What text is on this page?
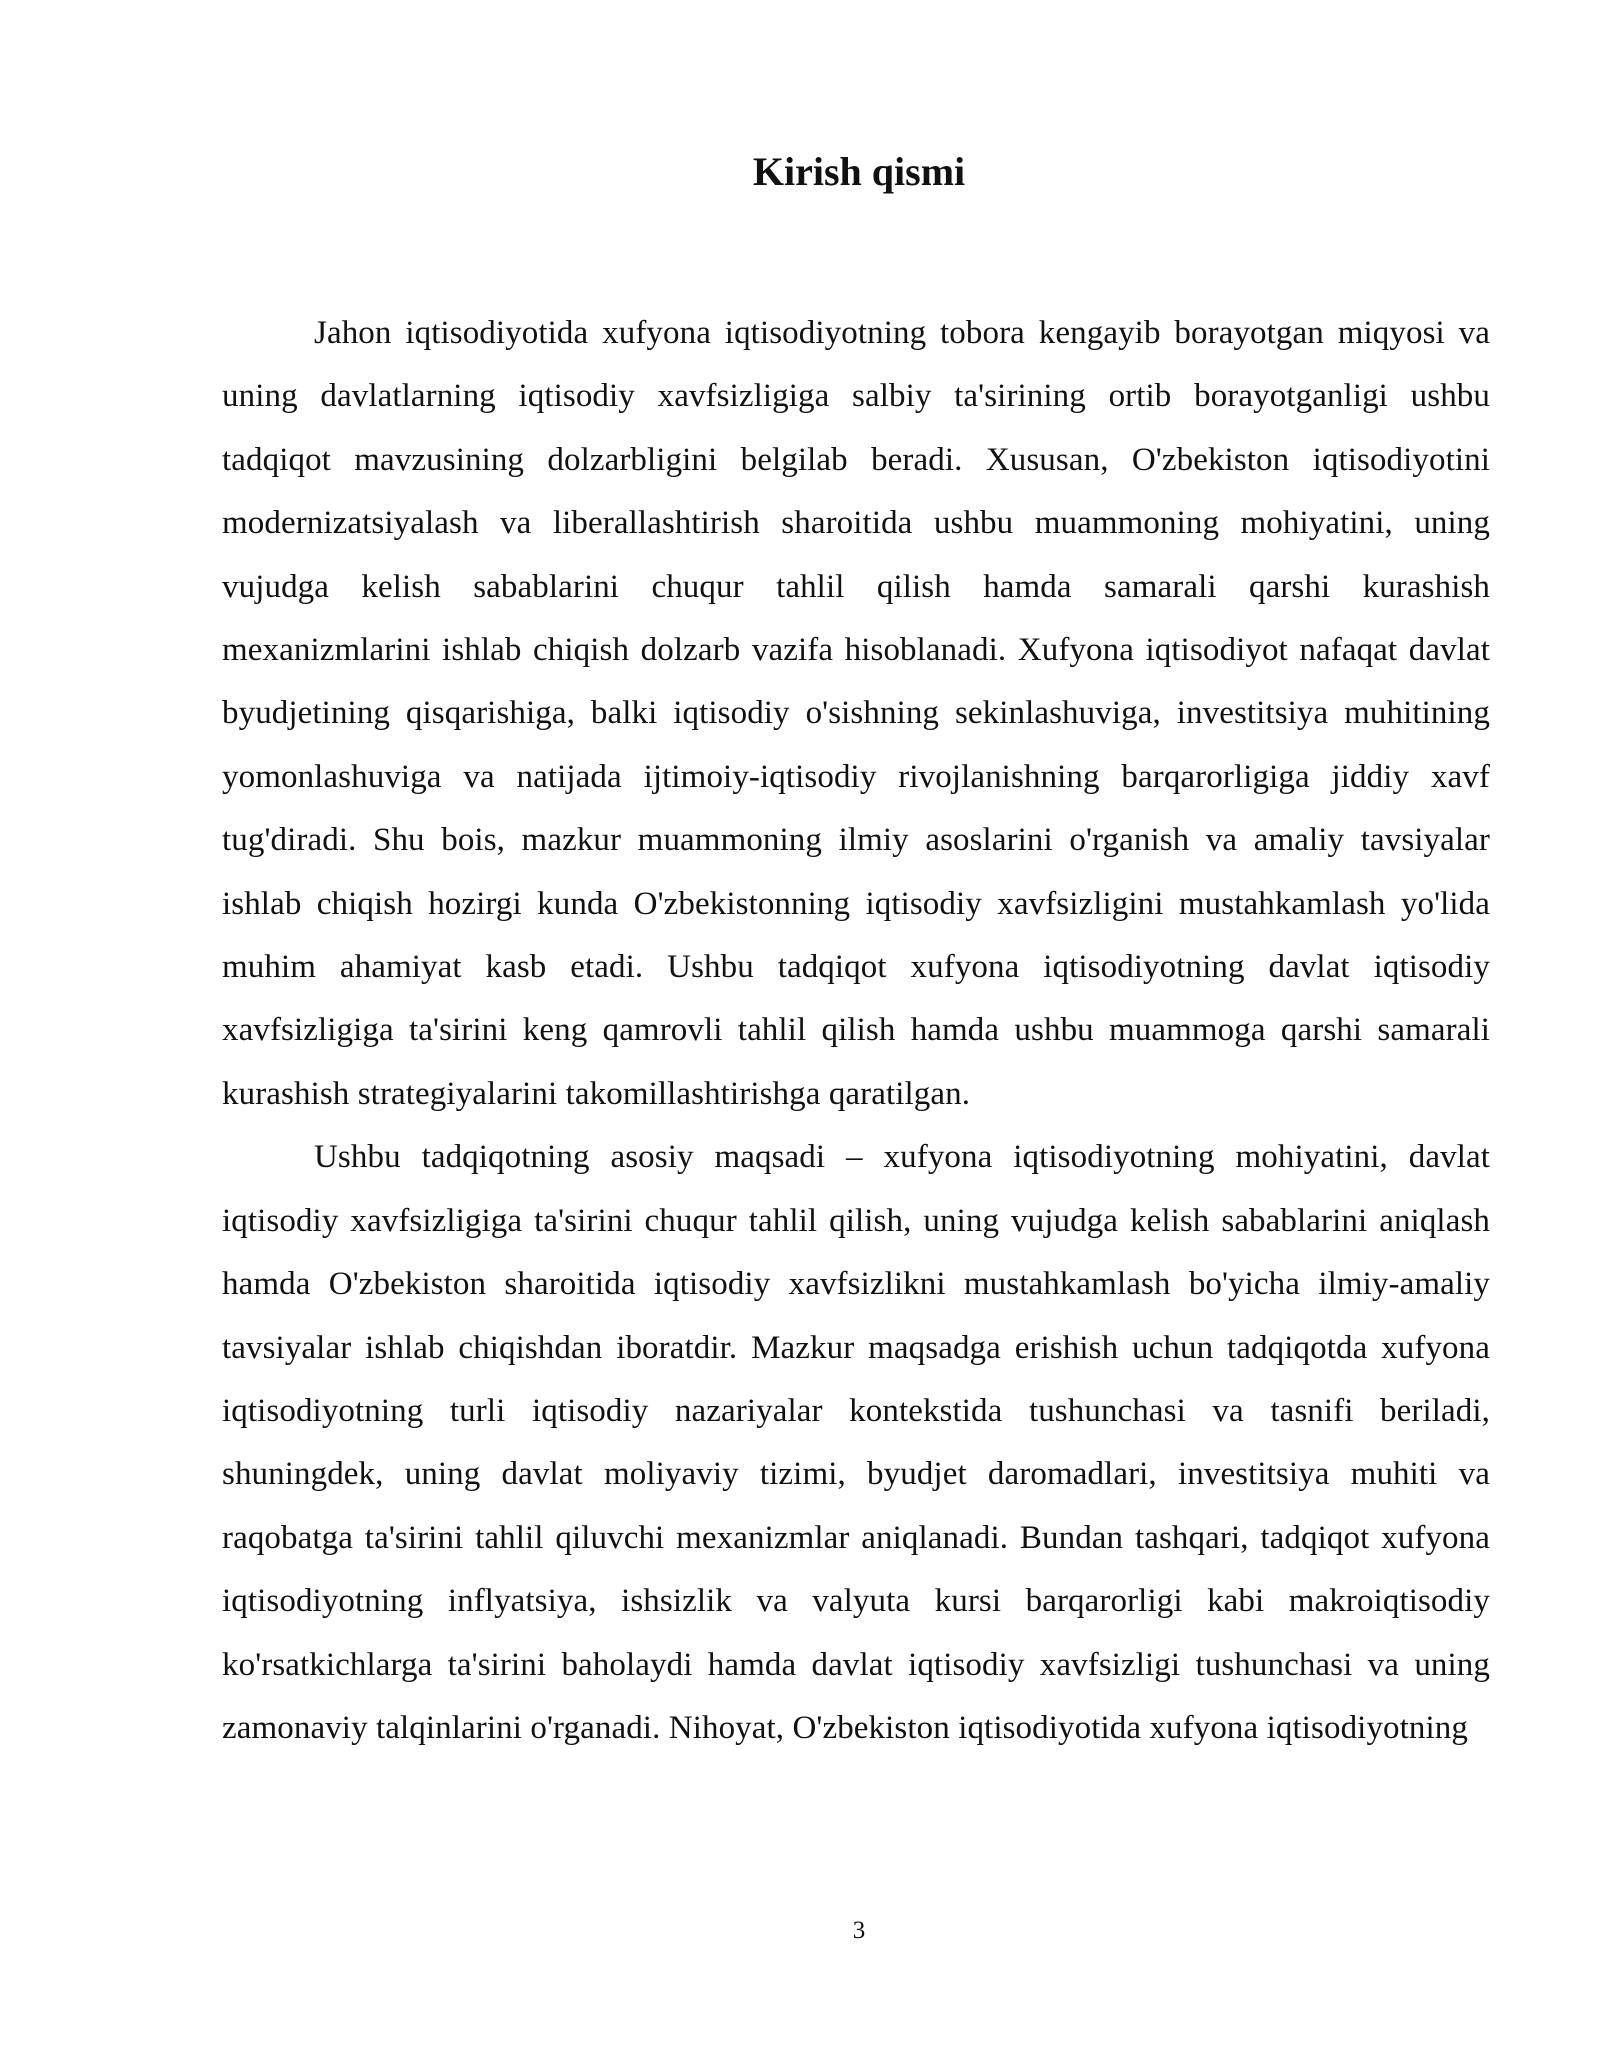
Kirish qismi

Jahon iqtisodiyotida xufyona iqtisodiyotning tobora kengayib borayotgan miqyosi va uning davlatlarning iqtisodiy xavfsizligiga salbiy ta'sirining ortib borayotganligi ushbu tadqiqot mavzusining dolzarbligini belgilab beradi. Xususan, O'zbekiston iqtisodiyotini modernizatsiyalash va liberallashtirish sharoitida ushbu muammoning mohiyatini, uning vujudga kelish sabablarini chuqur tahlil qilish hamda samarali qarshi kurashish mexanizmlarini ishlab chiqish dolzarb vazifa hisoblanadi. Xufyona iqtisodiyot nafaqat davlat byudjetining qisqarishiga, balki iqtisodiy o'sishning sekinlashuviga, investitsiya muhitining yomonlashuviga va natijada ijtimoiy-iqtisodiy rivojlanishning barqarorligiga jiddiy xavf tug'diradi. Shu bois, mazkur muammoning ilmiy asoslarini o'rganish va amaliy tavsiyalar ishlab chiqish hozirgi kunda O'zbekistonning iqtisodiy xavfsizligini mustahkamlash yo'lida muhim ahamiyat kasb etadi. Ushbu tadqiqot xufyona iqtisodiyotning davlat iqtisodiy xavfsizligiga ta'sirini keng qamrovli tahlil qilish hamda ushbu muammoga qarshi samarali kurashish strategiyalarini takomillashtirishga qaratilgan.

Ushbu tadqiqotning asosiy maqsadi – xufyona iqtisodiyotning mohiyatini, davlat iqtisodiy xavfsizligiga ta'sirini chuqur tahlil qilish, uning vujudga kelish sabablarini aniqlash hamda O'zbekiston sharoitida iqtisodiy xavfsizlikni mustahkamlash bo'yicha ilmiy-amaliy tavsiyalar ishlab chiqishdan iboratdir. Mazkur maqsadga erishish uchun tadqiqotda xufyona iqtisodiyotning turli iqtisodiy nazariyalar kontekstida tushunchasi va tasnifi beriladi, shuningdek, uning davlat moliyaviy tizimi, byudjet daromadlari, investitsiya muhiti va raqobatga ta'sirini tahlil qiluvchi mexanizmlar aniqlanadi. Bundan tashqari, tadqiqot xufyona iqtisodiyotning inflyatsiya, ishsizlik va valyuta kursi barqarorligi kabi makroiqtisodiy ko'rsatkichlarga ta'sirini baholaydi hamda davlat iqtisodiy xavfsizligi tushunchasi va uning zamonaviy talqinlarini o'rganadi. Nihoyat, O'zbekiston iqtisodiyotida xufyona iqtisodiyotning

3
